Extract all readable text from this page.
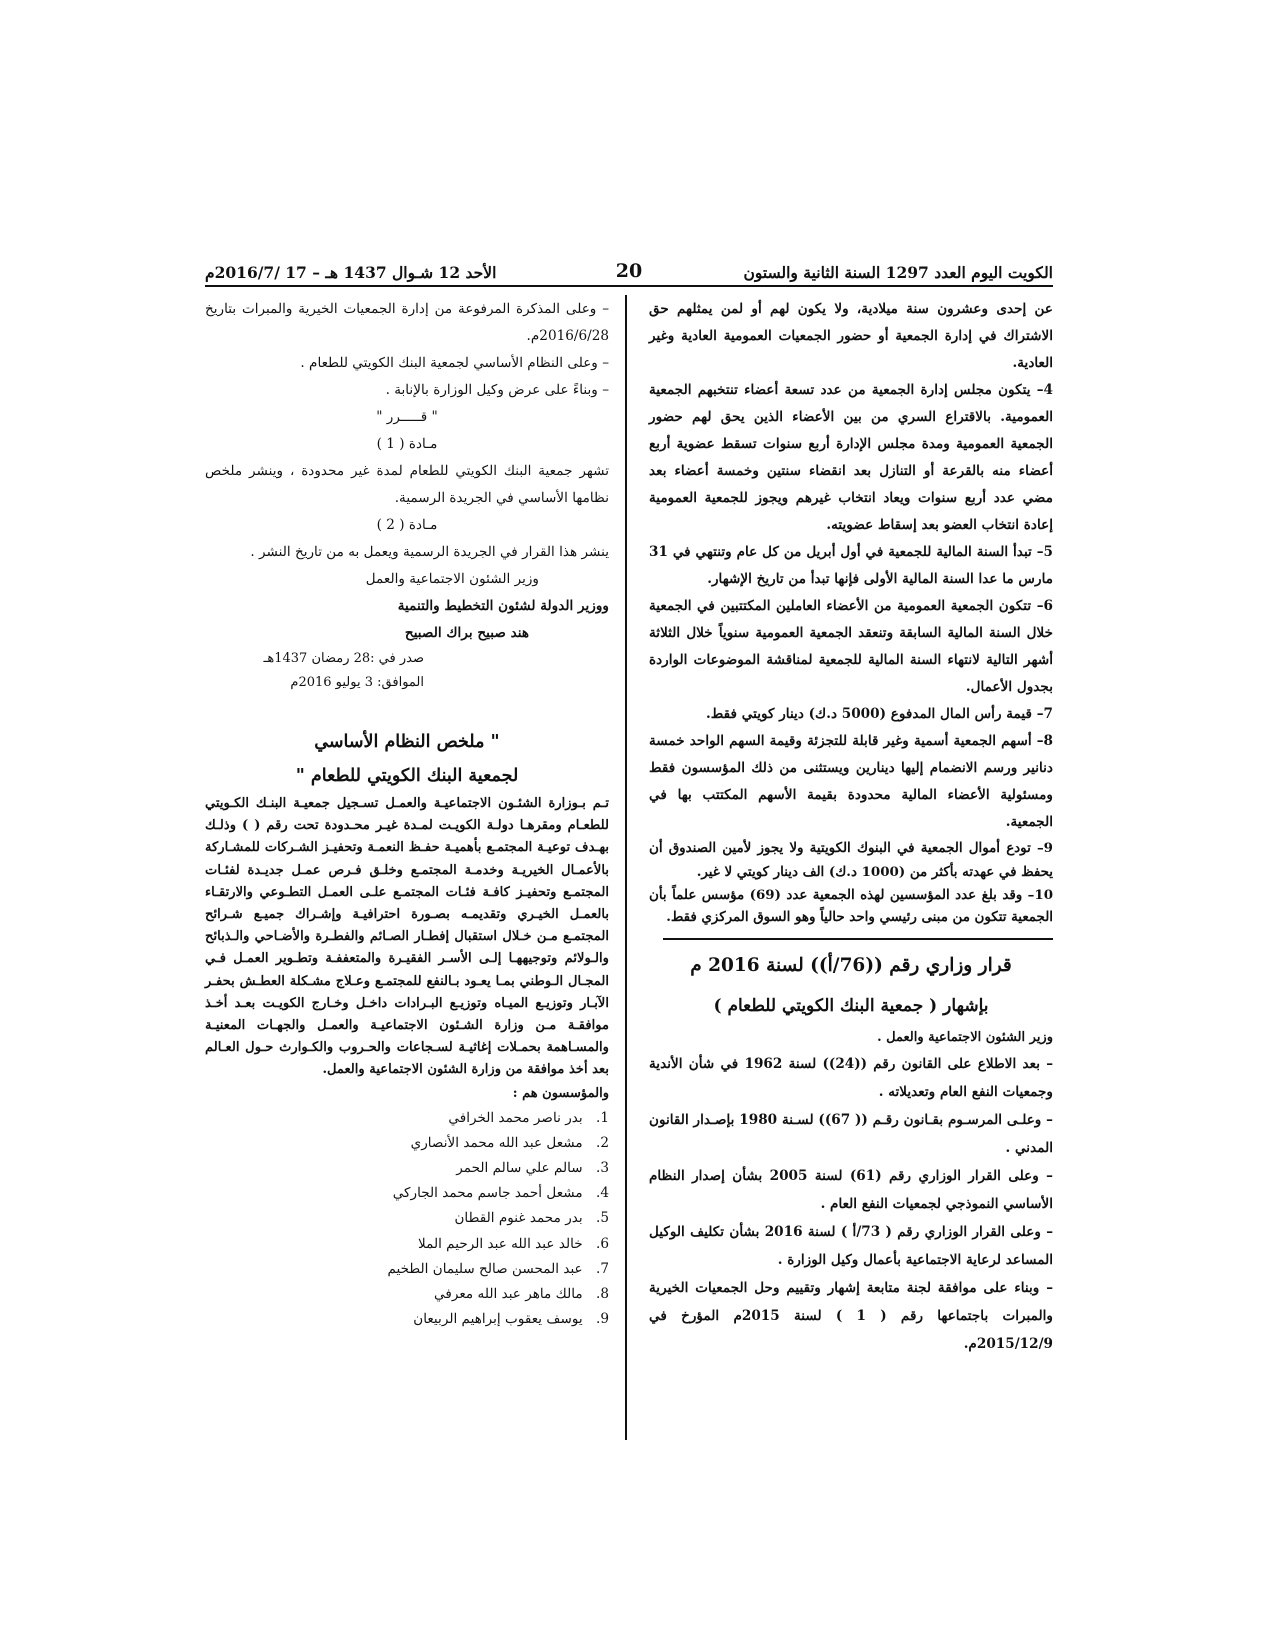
الكويت اليوم العدد 1297 السنة الثانية والستون
20
الأحد 12 شـوال 1437 هـ – 17 /2016/7م

عن إحدى وعشرون سنة ميلادية، ولا يكون لهم أو لمن يمثلهم حق الاشتراك في إدارة الجمعية أو حضور الجمعيات العمومية العادية وغير العادية.

4– يتكون مجلس إدارة الجمعية من عدد تسعة أعضاء تنتخبهم الجمعية العمومية. بالاقتراع السري من بين الأعضاء الذين يحق لهم حضور الجمعية العمومية ومدة مجلس الإدارة أربع سنوات تسقط عضوية أربع أعضاء منه بالقرعة أو التنازل بعد انقضاء سنتين وخمسة أعضاء بعد مضي عدد أربع سنوات ويعاد انتخاب غيرهم ويجوز للجمعية العمومية إعادة انتخاب العضو بعد إسقاط عضويته.

5– تبدأ السنة المالية للجمعية في أول أبريل من كل عام وتنتهي في 31 مارس ما عدا السنة المالية الأولى فإنها تبدأ من تاريخ الإشهار.

6– تتكون الجمعية العمومية من الأعضاء العاملين المكتتبين في الجمعية خلال السنة المالية السابقة وتنعقد الجمعية العمومية سنوياً خلال الثلاثة أشهر التالية لانتهاء السنة المالية للجمعية لمناقشة الموضوعات الواردة بجدول الأعمال.

7– قيمة رأس المال المدفوع (5000 د.ك) دينار كويتي فقط.

8– أسهم الجمعية أسمية وغير قابلة للتجزئة وقيمة السهم الواحد خمسة دنانير ورسم الانضمام إليها دينارين ويستثنى من ذلك المؤسسون فقط ومسئولية الأعضاء المالية محدودة بقيمة الأسهم المكتتب بها في الجمعية.

9– تودع أموال الجمعية في البنوك الكويتية ولا يجوز لأمين الصندوق أن يحفظ في عهدته بأكثر من (1000 د.ك) الف دينار كويتي لا غير.

10– وقد بلغ عدد المؤسسين لهذه الجمعية عدد (69) مؤسس علماً بأن الجمعية تتكون من مبنى رئيسي واحد حالياً وهو السوق المركزي فقط.

قرار وزاري رقم ((76/أ)) لسنة 2016 م
بإشهار ( جمعية البنك الكويتي للطعام )

وزير الشئون الاجتماعية والعمل .

– بعد الاطلاع على القانون رقم ((24)) لسنة 1962 في شأن الأندية وجمعيات النفع العام وتعديلاته .

– وعلـى المرسـوم بقـانون رقـم (( 67)) لسـنة 1980 بإصـدار القانون المدني .

– وعلى القرار الوزاري رقم (61) لسنة 2005 بشأن إصدار النظام الأساسي النموذجي لجمعيات النفع العام .

– وعلى القرار الوزاري رقم ( 73/أ ) لسنة 2016 بشأن تكليف الوكيل المساعد لرعاية الاجتماعية بأعمال وكيل الوزارة .

– وبناء على موافقة لجنة متابعة إشهار وتقييم وحل الجمعيات الخيرية والمبرات باجتماعها رقم ( 1 ) لسنة 2015م المؤرخ في 2015/12/9م.

– وعلى المذكرة المرفوعة من إدارة الجمعيات الخيرية والمبرات بتاريخ 2016/6/28م.

– وعلى النظام الأساسي لجمعية البنك الكويتي للطعام .

– وبناءً على عرض وكيل الوزارة بالإنابة .

" قـــــرر "

مـادة ( 1 )

تشهر جمعية البنك الكويتي للطعام لمدة غير محدودة ، وينشر ملخص نظامها الأساسي في الجريدة الرسمية.

مـادة ( 2 )

ينشر هذا القرار في الجريدة الرسمية ويعمل به من تاريخ النشر .

وزير الشئون الاجتماعية والعمل

ووزير الدولة لشئون التخطيط والتنمية

هند صبيح براك الصبيح

صدر في :28 رمضان 1437هـ

الموافق: 3 يوليو 2016م

" ملخص النظام الأساسي
لجمعية البنك الكويتي للطعام "

تـم بـوزارة الشئـون الاجتماعيـة والعمـل تسـجيل جمعيـة البنـك الكـويتي للطعـام ومقرهـا دولـة الكويـت لمـدة غيـر محـدودة تحت رقم ( ) وذلـك بهـدف توعيـة المجتمـع بأهميـة حفـظ النعمـة وتحفيـز الشـركات للمشـاركة بالأعمـال الخيريـة وخدمـة المجتمـع وخلـق فـرص عمـل جديـدة لفئـات المجتمـع وتحفيـز كافـة فئـات المجتمـع علـى العمـل التطـوعي والارتقـاء بالعمـل الخيـري وتقديمـه بصـورة احترافيـة وإشـراك جميـع شـرائح المجتمـع مـن خـلال استقبال إفطـار الصـائم والفطـرة والأضـاحي والـذبائح والـولائم وتوجيههـا إلـى الأسـر الفقيـرة والمتعففـة وتطـوير العمـل فـي المجـال الـوطني بمـا يعـود بـالنفع للمجتمـع وعـلاج مشـكلة العطـش بحفـر الآبـار وتوزيـع الميـاه وتوزيـع البـرادات داخـل وخـارج الكويـت بعـد أخـذ موافقـة مـن وزارة الشـئون الاجتماعيـة والعمـل والجهـات المعنيـة والمسـاهمة بحمـلات إغاثيـة لسـجاعات والحـروب والكـوارث حـول العـالم بعد أخذ موافقة من وزارة الشئون الاجتماعية والعمل.

والمؤسسون هم :

1. بدر ناصر محمد الخرافي
2. مشعل عبد الله محمد الأنصاري
3. سالم علي سالم الحمر
4. مشعل أحمد جاسم محمد الجاركي
5. بدر محمد غنوم القطان
6. خالد عبد الله عبد الرحيم الملا
7. عبد المحسن صالح سليمان الطخيم
8. مالك ماهر عبد الله معرفي
9. يوسف يعقوب إبراهيم الربيعان
